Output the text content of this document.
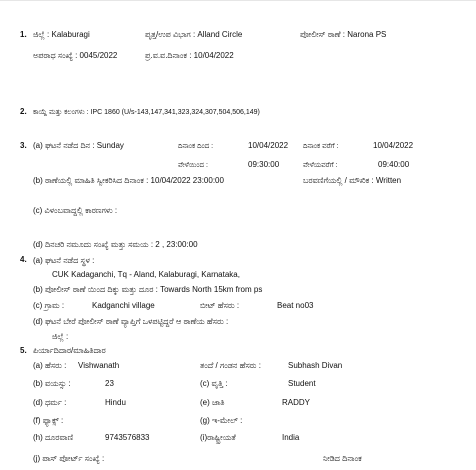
1. ಜಿಲ್ಲೆ : Kalaburagi	ಪೃತ್ತ/ಉಪ ವಿಭಾಗ : Alland Circle	ಪೋಲೀಸ್ ಠಾಣೆ : Narona PS
ಅಪರಾಧ ಸಂಖ್ಯೆ : 0045/2022	ಪ್ರ.ವ.ವ.ದಿನಾಂಕ : 10/04/2022
2. ಕಾಯ್ದೆ ಮತ್ತು ಕಲಂಗಳು : IPC 1860 (U/s-143,147,341,323,324,307,504,506,149)
3. (a) ಘಟನೆ ನಡೆದ ದಿನ : Sunday	ದಿನಾಂಕ ದಿಂದ :	10/04/2022 ದಿನಾಂಕ ವರೆಗೆ :	10/04/2022
ವೇಳೆಯಿಂದ :	09:30:00	ವೇಳೆಯವರೆಗೆ :	09:40:00
(b) ಠಾಣೆಯಲ್ಲಿ ಮಾಹಿತಿ ಸ್ವೀಕರಿಸಿದ ದಿನಾಂಕ : 10/04/2022 23:00:00	ಬರವಣಿಗೆಯಲ್ಲಿ / ಮೌಖಿಕ : Written
(c) ವಿಳಂಬವಾದ್ದಲ್ಲಿ ಕಾರಣಗಳು :
(d) ದಿನಚರಿ ನಮೂದು ಸಂಖ್ಯೆ ಮತ್ತು ಸಮಯ : 2 , 23:00:00
4. (a) ಘಟನೆ ನಡೆದ ಸ್ಥಳ :
CUK Kadaganchi, Tq - Aland, Kalaburagi, Karnataka,
(b) ಪೋಲೀಸ್ ಠಾಣೆ ಯಿಂದ ದಿಕ್ಕು ಮತ್ತು ದೂರ : Towards North 15km from ps
(c) ಗ್ರಾಮ :	Kadganchi village	ಬೀಟ್ ಹೆಸರು :	Beat no03
(d) ಘಟನೆ ಬೇರೆ ಪೋಲೀಸ್ ಠಾಣೆ ವ್ಯಾಪ್ತಿಗೆ ಒಳಪಟ್ಟಿದ್ದರೆ ಆ ಠಾಣೆಯ ಹೆಸರು :
ಜಿಲ್ಲೆ :
5. ಪಿರ್ಯಾದಿದಾರ/ಮಾಹಿತಿದಾರ
(a) ಹೆಸರು : Vishwanath	ತಂದೆ / ಗಂಡನ ಹೆಸರು :	Subhash Divan
(b) ವಯಸ್ಸು :	23	(c) ವೃತ್ತಿ :	Student
(d) ಧರ್ಮ :	Hindu	(e) ಜಾತಿ	RADDY
(f) ಫ್ಯಾಕ್ಸ್ :	(g) ಇ-ಮೇಲ್ :
(h) ದೂರವಾಣಿ	9743576833	(i)ರಾಷ್ಟ್ರೀಯತೆ	India
(j) ಪಾಸ್ ಪೋರ್ಟ್ ಸಂಖ್ಯೆ :	ನೀಡಿದ ದಿನಾಂಕ
